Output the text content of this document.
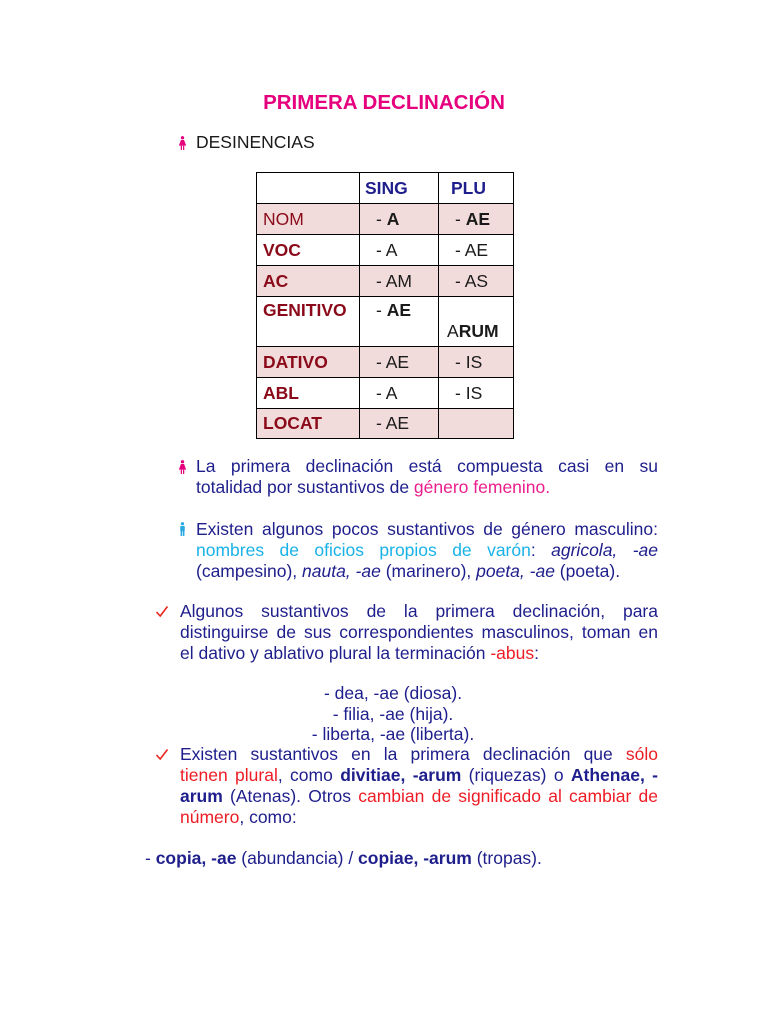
PRIMERA DECLINACIÓN
DESINENCIAS
	SING	PLU
NOM	- A	- AE
VOC	- A	- AE
AC	- AM	- AS
GENITIVO	- AE	ARUM

DATIVO	- AE	- IS
ABL	- A	- IS
LOCAT	- AE	
La primera declinación está compuesta casi en su
totalidad por sustantivos de género femenino.
Existen algunos pocos sustantivos de género masculino:
nombres de oficios propios de varón: agricola, -ae
(campesino), nauta, -ae (marinero), poeta, -ae (poeta).
Algunos sustantivos de la primera declinación, para
distinguirse de sus correspondientes masculinos, toman en
el dativo y ablativo plural la terminación -abus:
- dea, -ae (diosa).
- filia, -ae (hija).
- liberta, -ae (liberta).
Existen sustantivos en la primera declinación que sólo
tienen plural, como divitiae, -arum (riquezas) o Athenae, -
arum (Atenas). Otros cambian de significado al cambiar de
número, como:
- copia, -ae (abundancia) / copiae, -arum (tropas).
